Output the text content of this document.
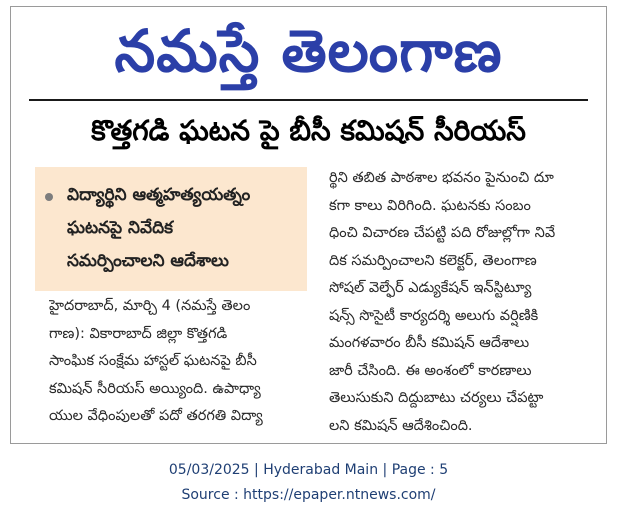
నమస్తే తెలంగాణ
కొత్తగడి ఘటన పై బీసీ కమిషన్ సీరియస్
విద్యార్థిని ఆత్మహత్యయత్నం
ఘటనపై నివేదిక
సమర్పించాలని ఆదేశాలు
హైదరాబాద్, మార్చి 4 (నమస్తే తెలం
గాణ): వికారాబాద్ జిల్లా కొత్తగడి
సాంఘిక సంక్షేమ హాస్టల్ ఘటనపై బీసీ
కమిషన్ సీరియస్ అయ్యింది. ఉపాధ్యా
యుల వేధింపులతో పదో తరగతి విద్యా
ర్థిని తబిత పాఠశాల భవనం పైనుంచి దూ
కగా కాలు విరిగింది. ఘటనకు సంబం
ధించి విచారణ చేపట్టి పది రోజుల్లోగా నివే
దిక సమర్పించాలని కలెక్టర్, తెలంగాణ
సోషల్ వెల్ఫేర్ ఎడ్యుకేషన్ ఇన్‌స్టిట్యూ
షన్స్ సొసైటీ కార్యదర్శి అలుగు వర్షిణికి
మంగళవారం బీసీ కమిషన్ ఆదేశాలు
జారీ చేసింది. ఈ అంశంలో కారణాలు
తెలుసుకుని దిద్దుబాటు చర్యలు చేపట్టా
లని కమిషన్ ఆదేశించింది.
05/03/2025 | Hyderabad Main | Page : 5
Source : https://epaper.ntnews.com/
